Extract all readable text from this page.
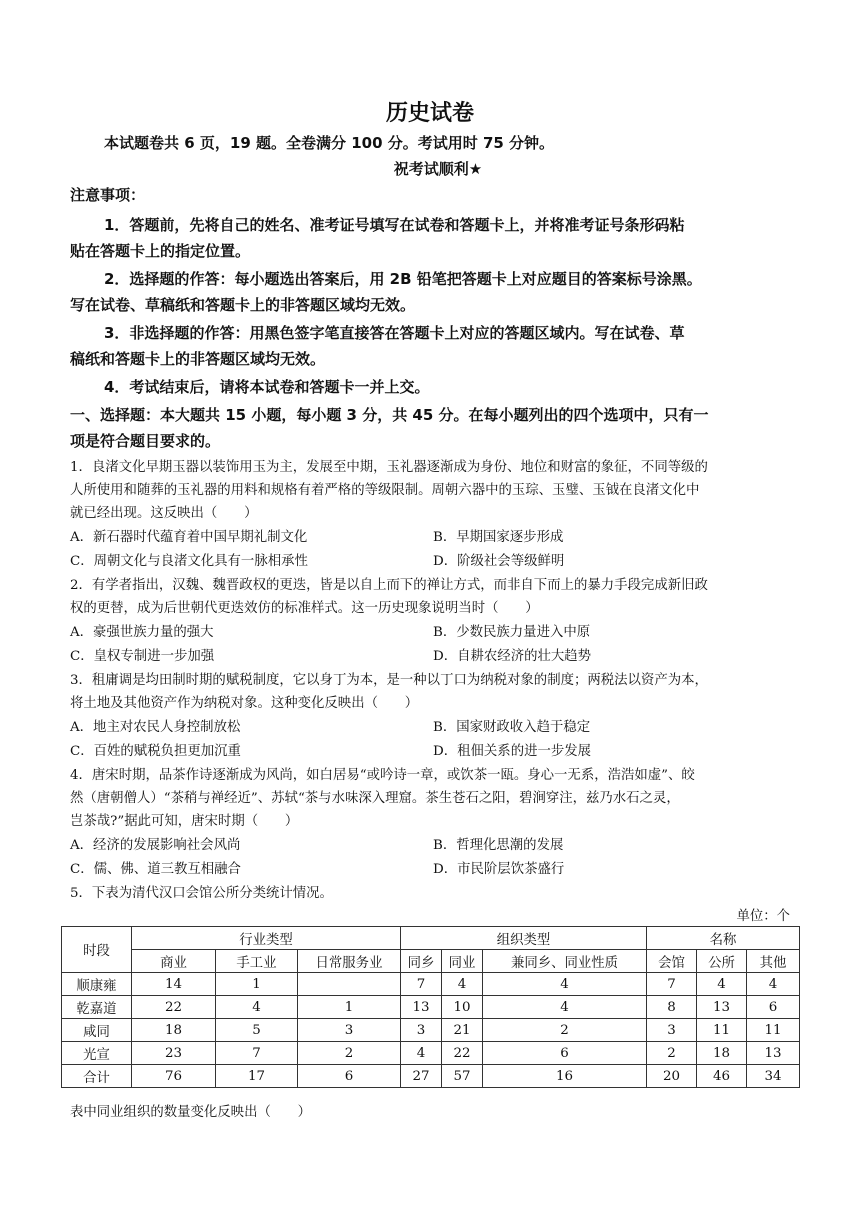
历史试卷
本试题卷共 6 页，19 题。全卷满分 100 分。考试用时 75 分钟。
祝考试顺利★
注意事项：
1．答题前，先将自己的姓名、准考证号填写在试卷和答题卡上，并将准考证号条形码粘
贴在答题卡上的指定位置。
2．选择题的作答：每小题选出答案后，用 2B 铅笔把答题卡上对应题目的答案标号涂黑。
写在试卷、草稿纸和答题卡上的非答题区域均无效。
3．非选择题的作答：用黑色签字笔直接答在答题卡上对应的答题区域内。写在试卷、草
稿纸和答题卡上的非答题区域均无效。
4．考试结束后，请将本试卷和答题卡一并上交。
一、选择题：本大题共 15 小题，每小题 3 分，共 45 分。在每小题列出的四个选项中，只有一
项是符合题目要求的。
1．良渚文化早期玉器以装饰用玉为主，发展至中期，玉礼器逐渐成为身份、地位和财富的象征，不同等级的
人所使用和随葬的玉礼器的用料和规格有着严格的等级限制。周朝六器中的玉琮、玉璧、玉钺在良渚文化中
就已经出现。这反映出（　　）
A．新石器时代蕴育着中国早期礼制文化	B．早期国家逐步形成
C．周朝文化与良渚文化具有一脉相承性	D．阶级社会等级鲜明
2．有学者指出，汉魏、魏晋政权的更迭，皆是以自上而下的禅让方式，而非自下而上的暴力手段完成新旧政
权的更替，成为后世朝代更迭效仿的标准样式。这一历史现象说明当时（　　）
A．豪强世族力量的强大	B．少数民族力量进入中原
C．皇权专制进一步加强	D．自耕农经济的壮大趋势
3．租庸调是均田制时期的赋税制度，它以身丁为本，是一种以丁口为纳税对象的制度；两税法以资产为本，
将土地及其他资产作为纳税对象。这种变化反映出（　　）
A．地主对农民人身控制放松	B．国家财政收入趋于稳定
C．百姓的赋税负担更加沉重	D．租佃关系的进一步发展
4．唐宋时期，品茶作诗逐渐成为风尚，如白居易“或吟诗一章，或饮茶一瓯。身心一无系，浩浩如虚”、皎
然（唐朝僧人）“茶稍与禅经近”、苏轼“茶与水味深入理窟。茶生苍石之阳，碧涧穿注，兹乃水石之灵，
岂茶哉?”据此可知，唐宋时期（　　）
A．经济的发展影响社会风尚	B．哲理化思潮的发展
C．儒、佛、道三教互相融合	D．市民阶层饮茶盛行
5．下表为清代汉口会馆公所分类统计情况。
单位：个
时段	行业类型			组织类型			名称		
	商业	手工业	日常服务业	同乡	同业	兼同乡、同业性质	会馆	公所	其他
顺康雍	14	1		7	4	4	7	4	4
乾嘉道	22	4	1	13	10	4	8	13	6
咸同	18	5	3	3	21	2	3	11	11
光宣	23	7	2	4	22	6	2	18	13
合计	76	17	6	27	57	16	20	46	34
表中同业组织的数量变化反映出（　　）
